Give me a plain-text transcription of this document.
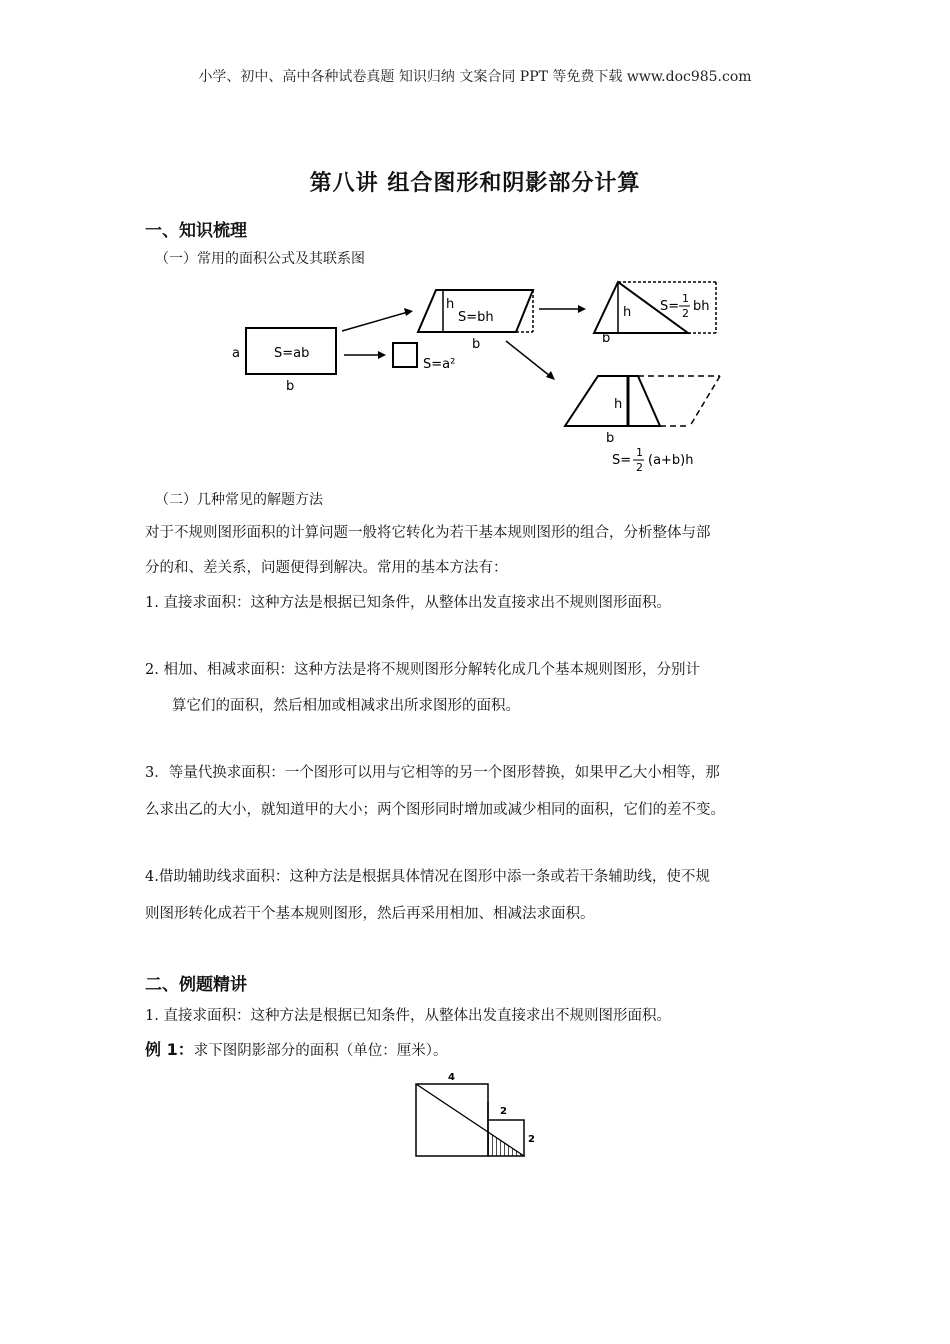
小学、初中、高中各种试卷真题 知识归纳 文案合同 PPT 等免费下载 www.doc985.com
第八讲 组合图形和阴影部分计算
一、知识梳理
（一）常用的面积公式及其联系图
S=ab
a
b
S=a²
h
S=bh
b
h
b
S=
1
2 bh
h
b
S=
1
2 (a+b)h
（二）几种常见的解题方法
对于不规则图形面积的计算问题一般将它转化为若干基本规则图形的组合，分析整体与部
分的和、差关系，问题便得到解决。常用的基本方法有：
1. 直接求面积：这种方法是根据已知条件，从整体出发直接求出不规则图形面积。
2. 相加、相减求面积：这种方法是将不规则图形分解转化成几个基本规则图形，分别计
算它们的面积，然后相加或相减求出所求图形的面积。
3．等量代换求面积：一个图形可以用与它相等的另一个图形替换，如果甲乙大小相等，那
么求出乙的大小，就知道甲的大小；两个图形同时增加或减少相同的面积，它们的差不变。
4.借助辅助线求面积：这种方法是根据具体情况在图形中添一条或若干条辅助线，使不规
则图形转化成若干个基本规则图形，然后再采用相加、相减法求面积。
二、例题精讲
1. 直接求面积：这种方法是根据已知条件，从整体出发直接求出不规则图形面积。
例 1：求下图阴影部分的面积（单位：厘米）。
4
2
2
